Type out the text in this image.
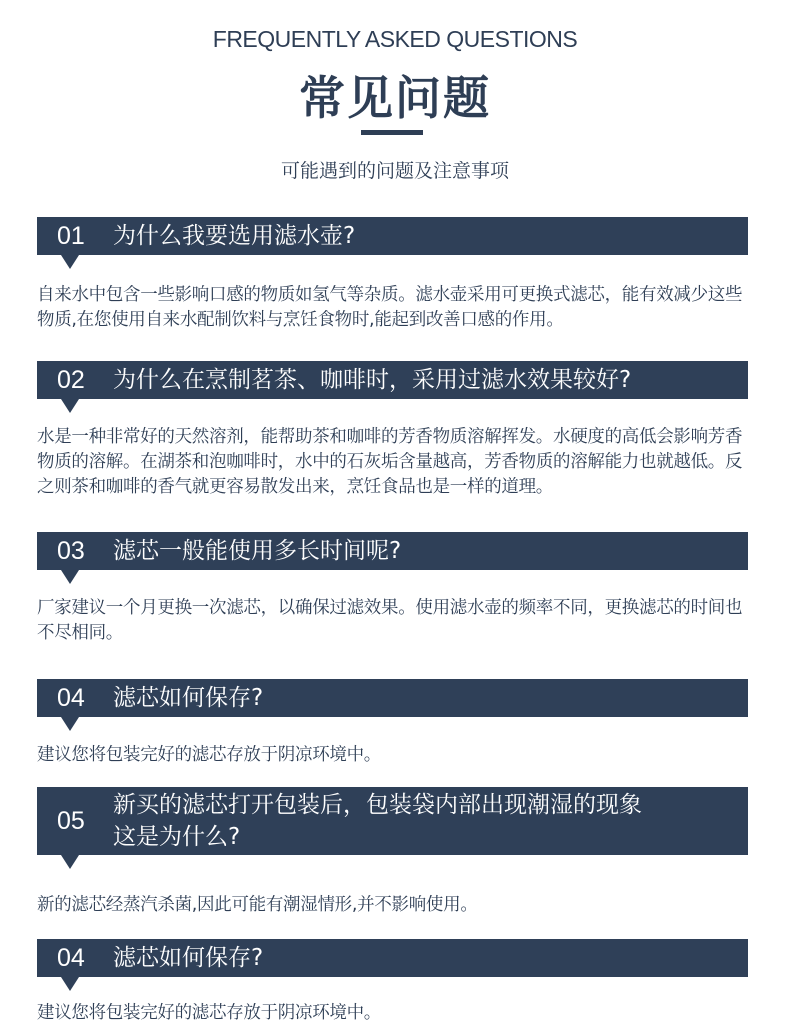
FREQUENTLY ASKED QUESTIONS
常见问题
可能遇到的问题及注意事项
01	为什么我要选用滤水壶?
自来水中包含一些影响口感的物质如氢气等杂质。滤水壶采用可更换式滤芯，能有效减少这些物质,在您使用自来水配制饮料与烹饪食物时,能起到改善口感的作用。
02	为什么在烹制茗茶、咖啡时，采用过滤水效果较好?
水是一种非常好的天然溶剂，能帮助茶和咖啡的芳香物质溶解挥发。水硬度的高低会影响芳香物质的溶解。在湖茶和泡咖啡时，水中的石灰垢含量越高，芳香物质的溶解能力也就越低。反之则茶和咖啡的香气就更容易散发出来，烹饪食品也是一样的道理。
03	滤芯一般能使用多长时间呢?
厂家建议一个月更换一次滤芯，以确保过滤效果。使用滤水壶的频率不同，更换滤芯的时间也不尽相同。
04	滤芯如何保存?
建议您将包装完好的滤芯存放于阴凉环境中。
05
新买的滤芯打开包装后，包装袋内部出现潮湿的现象
这是为什么?
新的滤芯经蒸汽杀菌,因此可能有潮湿情形,并不影响使用。
04	滤芯如何保存?
建议您将包装完好的滤芯存放于阴凉环境中。
